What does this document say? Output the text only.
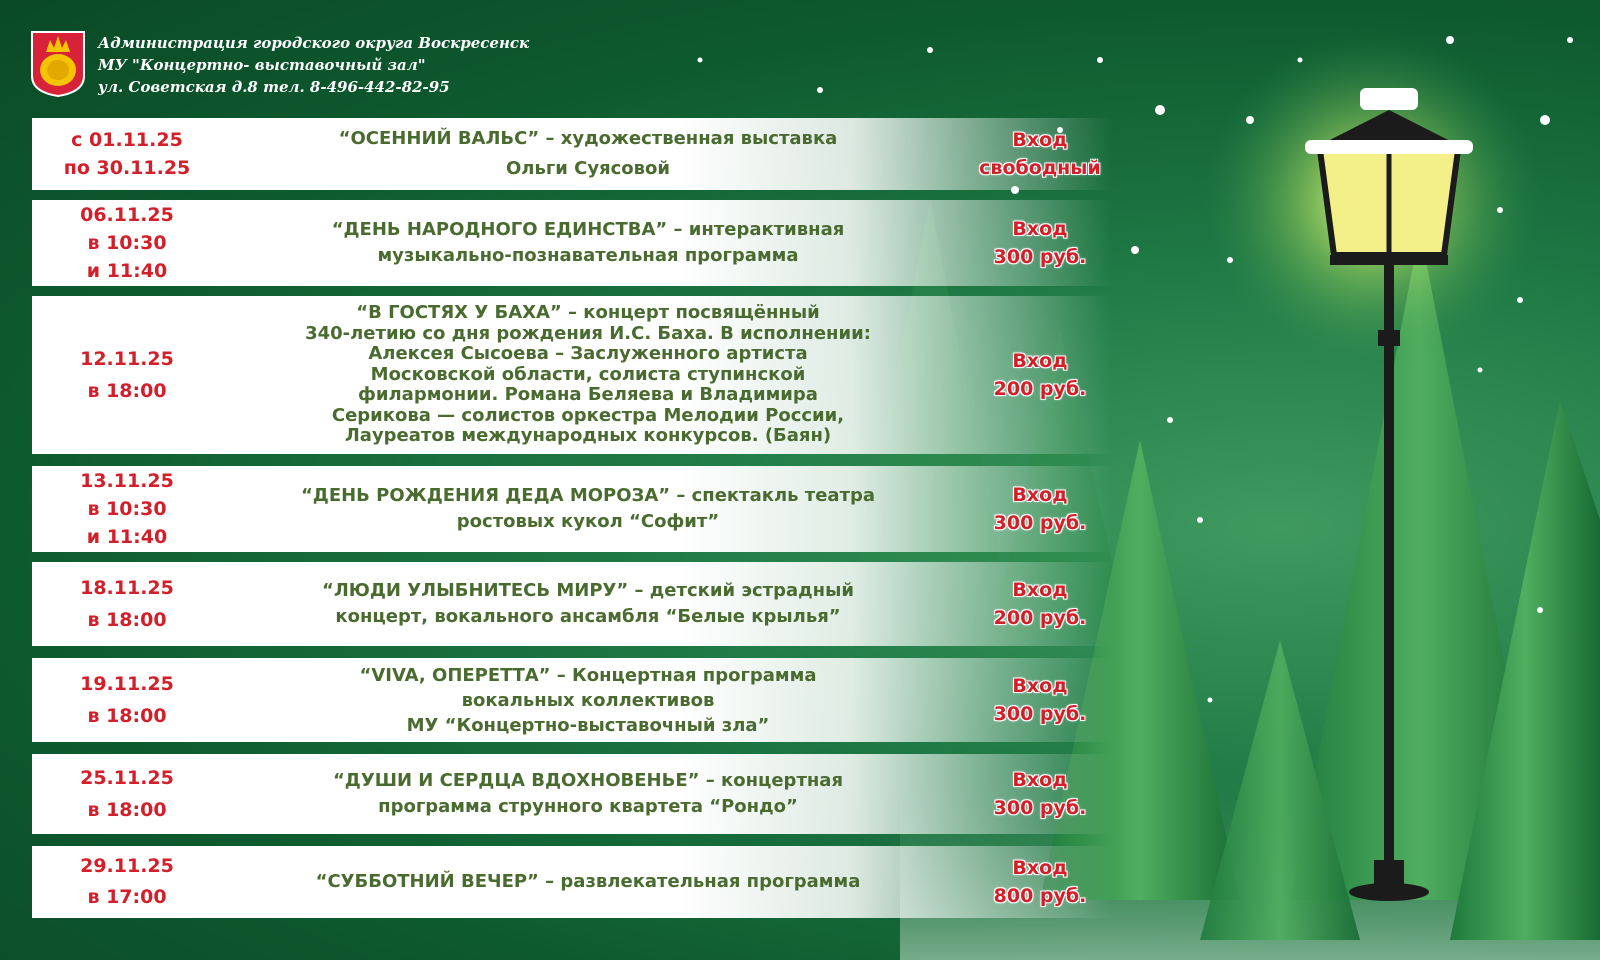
Администрация городского округа Воскресенск
МУ "Концертно- выставочный зал"
ул. Советская д.8 тел. 8-496-442-82-95
с 01.11.25
по 30.11.25
“ОСЕННИЙ ВАЛЬС” – художественная выставка
Ольги Суясовой
Вход
свободный
06.11.25
в 10:30
и 11:40
“ДЕНЬ НАРОДНОГО ЕДИНСТВА” – интерактивная
музыкально-познавательная программа
Вход
300 руб.
12.11.25
в 18:00
“В ГОСТЯХ У БАХА” – концерт посвящённый
340-летию со дня рождения И.С. Баха. В исполнении:
Алексея Сысоева – Заслуженного артиста
Московской области, солиста ступинской
филармонии. Романа Беляева и Владимира
Серикова — солистов оркестра Мелодии России,
Лауреатов международных конкурсов. (Баян)
Вход
200 руб.
13.11.25
в 10:30
и 11:40
“ДЕНЬ РОЖДЕНИЯ ДЕДА МОРОЗА” – спектакль театра
ростовых кукол “Софит”
Вход
300 руб.
18.11.25
в 18:00
“ЛЮДИ УЛЫБНИТЕСЬ МИРУ” – детский эстрадный
концерт, вокального ансамбля “Белые крылья”
Вход
200 руб.
19.11.25
в 18:00
“VIVA, ОПЕРЕТТА” – Концертная программа
вокальных коллективов
МУ “Концертно-выставочный зла”
Вход
300 руб.
25.11.25
в 18:00
“ДУШИ И СЕРДЦА ВДОХНОВЕНЬЕ” – концертная
программа струнного квартета “Рондо”
Вход
300 руб.
29.11.25
в 17:00
“СУББОТНИЙ ВЕЧЕР” – развлекательная программа
Вход
800 руб.
